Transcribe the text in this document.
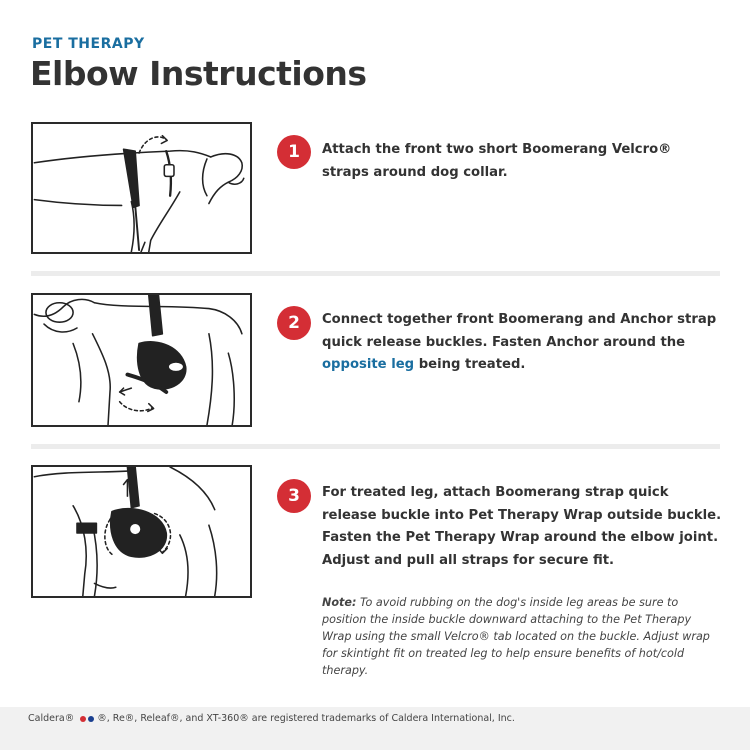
PET THERAPY
Elbow Instructions
1	Attach the front two short Boomerang Velcro® straps around dog collar.

2	Connect together front Boomerang and Anchor strap quick release buckles. Fasten Anchor around the opposite leg being treated.

3	For treated leg, attach Boomerang strap quick release buckle into Pet Therapy Wrap outside buckle. Fasten the Pet Therapy Wrap around the elbow joint. Adjust and pull all straps for secure fit.

Note: To avoid rubbing on the dog's inside leg areas be sure to position the inside buckle downward attaching to the Pet Therapy Wrap using the small Velcro® tab located on the buckle. Adjust wrap for skintight fit on treated leg to help ensure benefits of hot/cold therapy.

Caldera® ®, Re®, Releaf®, and XT-360® are registered trademarks of Caldera International, Inc.
